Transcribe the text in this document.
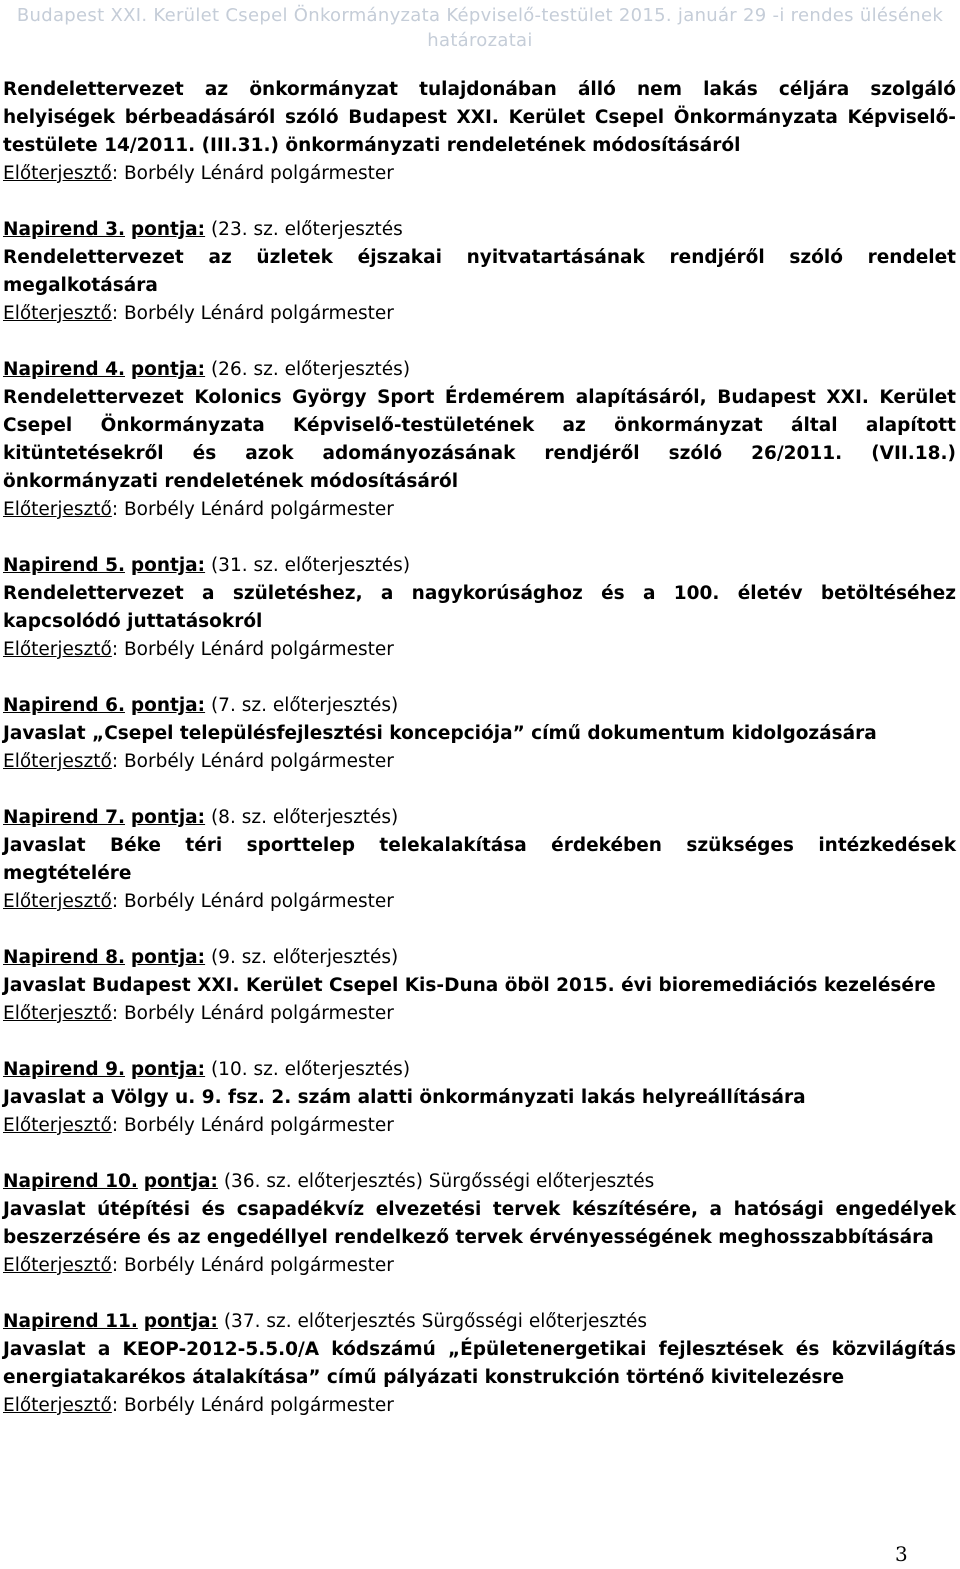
Budapest XXI. Kerület Csepel Önkormányzata Képviselő-testület 2015. január 29 -i rendes ülésének
határozatai

Rendelettervezet az önkormányzat tulajdonában álló nem lakás céljára szolgáló helyiségek bérbeadásáról szóló Budapest XXI. Kerület Csepel Önkormányzata Képviselő-testülete 14/2011. (III.31.) önkormányzati rendeletének módosításáról

Előterjesztő: Borbély Lénárd polgármester

Napirend 3. pontja: (23. sz. előterjesztés

Rendelettervezet az üzletek éjszakai nyitvatartásának rendjéről szóló rendelet megalkotására

Előterjesztő: Borbély Lénárd polgármester

Napirend 4. pontja: (26. sz. előterjesztés)

Rendelettervezet Kolonics György Sport Érdemérem alapításáról, Budapest XXI. Kerület Csepel Önkormányzata Képviselő-testületének az önkormányzat által alapított kitüntetésekről és azok adományozásának rendjéről szóló 26/2011. (VII.18.) önkormányzati rendeletének módosításáról

Előterjesztő: Borbély Lénárd polgármester

Napirend 5. pontja: (31. sz. előterjesztés)

Rendelettervezet a születéshez, a nagykorúsághoz és a 100. életév betöltéséhez kapcsolódó juttatásokról

Előterjesztő: Borbély Lénárd polgármester

Napirend 6. pontja: (7. sz. előterjesztés)

Javaslat „Csepel településfejlesztési koncepciója” című dokumentum kidolgozására

Előterjesztő: Borbély Lénárd polgármester

Napirend 7. pontja: (8. sz. előterjesztés)

Javaslat Béke téri sporttelep telekalakítása érdekében szükséges intézkedések megtételére

Előterjesztő: Borbély Lénárd polgármester

Napirend 8. pontja: (9. sz. előterjesztés)

Javaslat Budapest XXI. Kerület Csepel Kis-Duna öböl 2015. évi bioremediációs kezelésére

Előterjesztő: Borbély Lénárd polgármester

Napirend 9. pontja: (10. sz. előterjesztés)

Javaslat a Völgy u. 9. fsz. 2. szám alatti önkormányzati lakás helyreállítására

Előterjesztő: Borbély Lénárd polgármester

Napirend 10. pontja: (36. sz. előterjesztés) Sürgősségi előterjesztés

Javaslat útépítési és csapadékvíz elvezetési tervek készítésére, a hatósági engedélyek beszerzésére és az engedéllyel rendelkező tervek érvényességének meghosszabbítására

Előterjesztő: Borbély Lénárd polgármester

Napirend 11. pontja: (37. sz. előterjesztés Sürgősségi előterjesztés

Javaslat a KEOP-2012-5.5.0/A kódszámú „Épületenergetikai fejlesztések és közvilágítás energiatakarékos átalakítása” című pályázati konstrukción történő kivitelezésre

Előterjesztő: Borbély Lénárd polgármester

3
